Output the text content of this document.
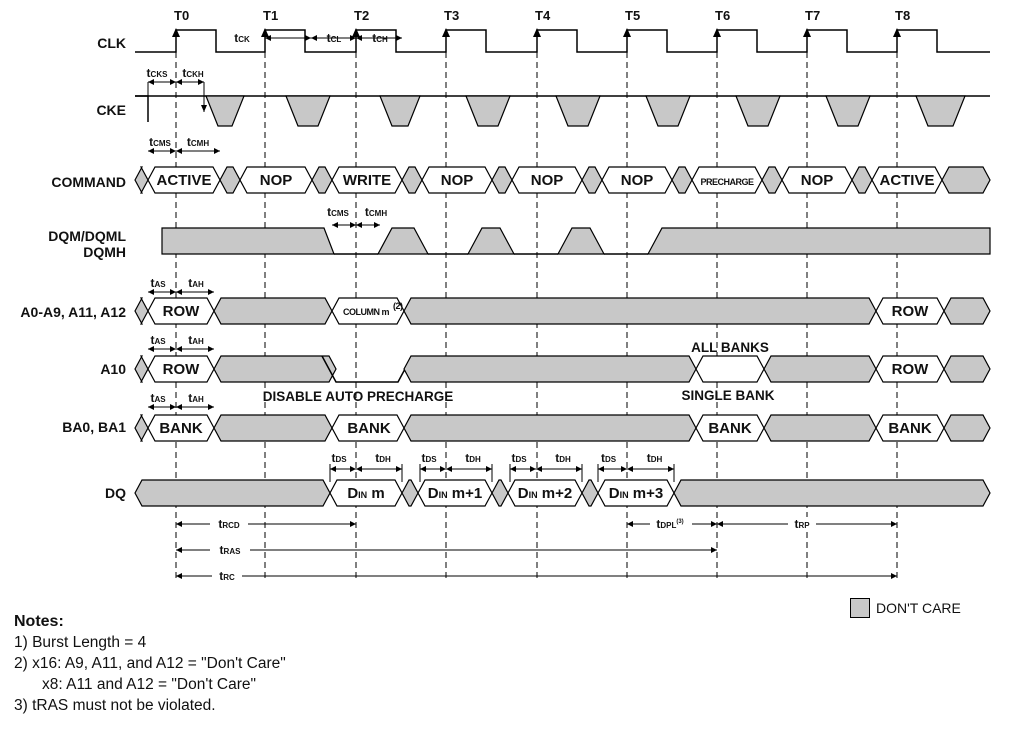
T0	T1	T2	T3	T4	T5	T6	T7	T8
CLK
CKE
COMMAND
DQM/DQML
DQMH
A0-A9, A11, A12
A10
BA0, BA1
DQ
tCK	tCL	tCH
tCKS tCKH
ACTIVE	NOP	WRITE	NOP	NOP	NOP	PRECHARGE	NOP	ACTIVE
tCMS tCMH
tCMS tCMH
ROW	COLUMN m
(2)	ROW
tAS tAH
ROW	ROW
tAS tAH	ALL BANKS
SINGLE BANK
BANK	BANK	BANK	BANK
tAS tAH	DISABLE AUTO PRECHARGE
DIN m	DIN m+1 DIN m+2 DIN m+3
tDS tDH	tDS tDH	tDS tDH	tDS	tDH
tRCD	tDPL$^{(3)}$	tRP
tRAS
tRC
DON'T CARE
Notes:
1) Burst Length = 4
2) x16: A9, A11, and A12 = "Don't Care"
x8: A11 and A12 = "Don't Care"
3) tRAS must not be violated.
